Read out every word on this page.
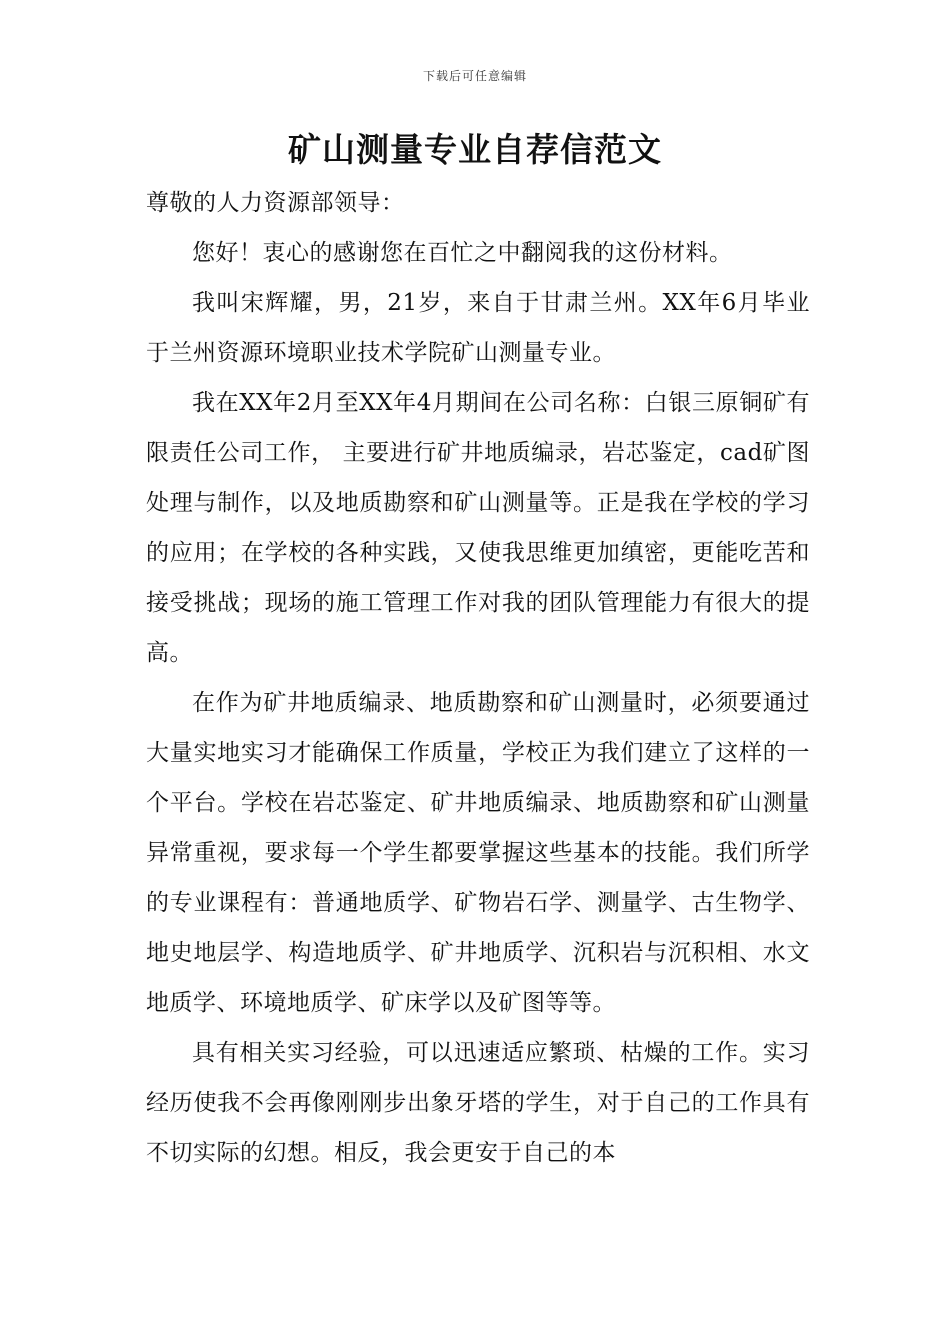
下载后可任意编辑
矿山测量专业自荐信范文

尊敬的人力资源部领导：

您好！衷心的感谢您在百忙之中翻阅我的这份材料。

我叫宋辉耀，男，21岁，来自于甘肃兰州。XX年6月毕业于兰州资源环境职业技术学院矿山测量专业。

我在XX年2月至XX年4月期间在公司名称：白银三原铜矿有限责任公司工作， 主要进行矿井地质编录，岩芯鉴定，cad矿图处理与制作，以及地质勘察和矿山测量等。正是我在学校的学习的应用；在学校的各种实践，又使我思维更加缜密，更能吃苦和接受挑战；现场的施工管理工作对我的团队管理能力有很大的提高。

在作为矿井地质编录、地质勘察和矿山测量时，必须要通过大量实地实习才能确保工作质量，学校正为我们建立了这样的一个平台。学校在岩芯鉴定、矿井地质编录、地质勘察和矿山测量异常重视，要求每一个学生都要掌握这些基本的技能。我们所学的专业课程有：普通地质学、矿物岩石学、测量学、古生物学、地史地层学、构造地质学、矿井地质学、沉积岩与沉积相、水文地质学、环境地质学、矿床学以及矿图等等。

具有相关实习经验，可以迅速适应繁琐、枯燥的工作。实习经历使我不会再像刚刚步出象牙塔的学生，对于自己的工作具有不切实际的幻想。相反，我会更安于自己的本
